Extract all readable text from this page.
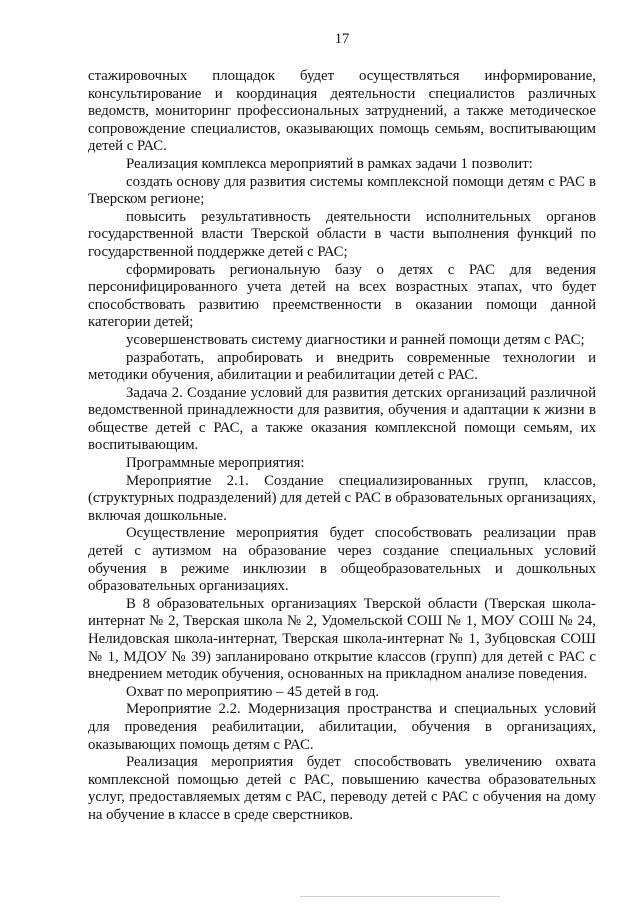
17

стажировочных площадок будет осуществляться информирование, консультирование и координация деятельности специалистов различных ведомств, мониторинг профессиональных затруднений, а также методическое сопровождение специалистов, оказывающих помощь семьям, воспитывающим детей с РАС.

Реализация комплекса мероприятий в рамках задачи 1 позволит:

создать основу для развития системы комплексной помощи детям с РАС в Тверском регионе;

повысить результативность деятельности исполнительных органов государственной власти Тверской области в части выполнения функций по государственной поддержке детей с РАС;

сформировать региональную базу о детях с РАС для ведения персонифицированного учета детей на всех возрастных этапах, что будет способствовать развитию преемственности в оказании помощи данной категории детей;

усовершенствовать систему диагностики и ранней помощи детям с РАС;

разработать, апробировать и внедрить современные технологии и методики обучения, абилитации и реабилитации детей с РАС.

Задача 2. Создание условий для развития детских организаций различной ведомственной принадлежности для развития, обучения и адаптации к жизни в обществе детей с РАС, а также оказания комплексной помощи семьям, их воспитывающим.

Программные мероприятия:

Мероприятие 2.1. Создание специализированных групп, классов, (структурных подразделений) для детей с РАС в образовательных организациях, включая дошкольные.

Осуществление мероприятия будет способствовать реализации прав детей с аутизмом на образование через создание специальных условий обучения в режиме инклюзии в общеобразовательных и дошкольных образовательных организациях.

В 8 образовательных организациях Тверской области (Тверская школа-интернат № 2, Тверская школа № 2, Удомельской СОШ № 1, МОУ СОШ № 24, Нелидовская школа-интернат, Тверская школа-интернат № 1, Зубцовская СОШ № 1, МДОУ № 39) запланировано открытие классов (групп) для детей с РАС с внедрением методик обучения, основанных на прикладном анализе поведения.

Охват по мероприятию – 45 детей в год.

Мероприятие 2.2. Модернизация пространства и специальных условий для проведения реабилитации, абилитации, обучения в организациях, оказывающих помощь детям с РАС.

Реализация мероприятия будет способствовать увеличению охвата комплексной помощью детей с РАС, повышению качества образовательных услуг, предоставляемых детям с РАС, переводу детей с РАС с обучения на дому на обучение в классе в среде сверстников.
